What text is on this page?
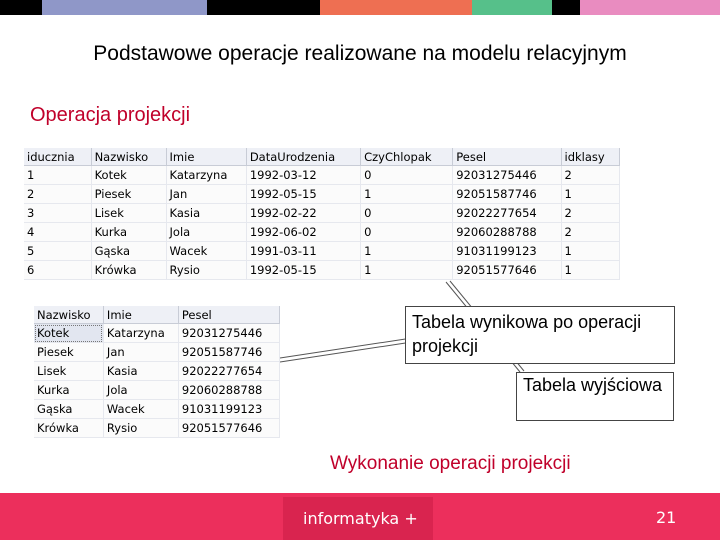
Podstawowe operacje realizowane na modelu relacyjnym
Operacja projekcji
iducznia	Nazwisko	Imie	DataUrodzenia	CzyChlopak	Pesel	idklasy
1	Kotek	Katarzyna	1992-03-12	0	92031275446	2
2	Piesek	Jan	1992-05-15	1	92051587746	1
3	Lisek	Kasia	1992-02-22	0	92022277654	2
4	Kurka	Jola	1992-06-02	0	92060288788	2
5	Gąska	Wacek	1991-03-11	1	91031199123	1
6	Krówka	Rysio	1992-05-15	1	92051577646	1
Nazwisko	Imie	Pesel
Kotek	Katarzyna	92031275446
Piesek	Jan	92051587746
Lisek	Kasia	92022277654
Kurka	Jola	92060288788
Gąska	Wacek	91031199123
Krówka	Rysio	92051577646
Tabela wyjściowa
Tabela wynikowa po operacji projekcji
Wykonanie operacji projekcji
informatyka +	21
